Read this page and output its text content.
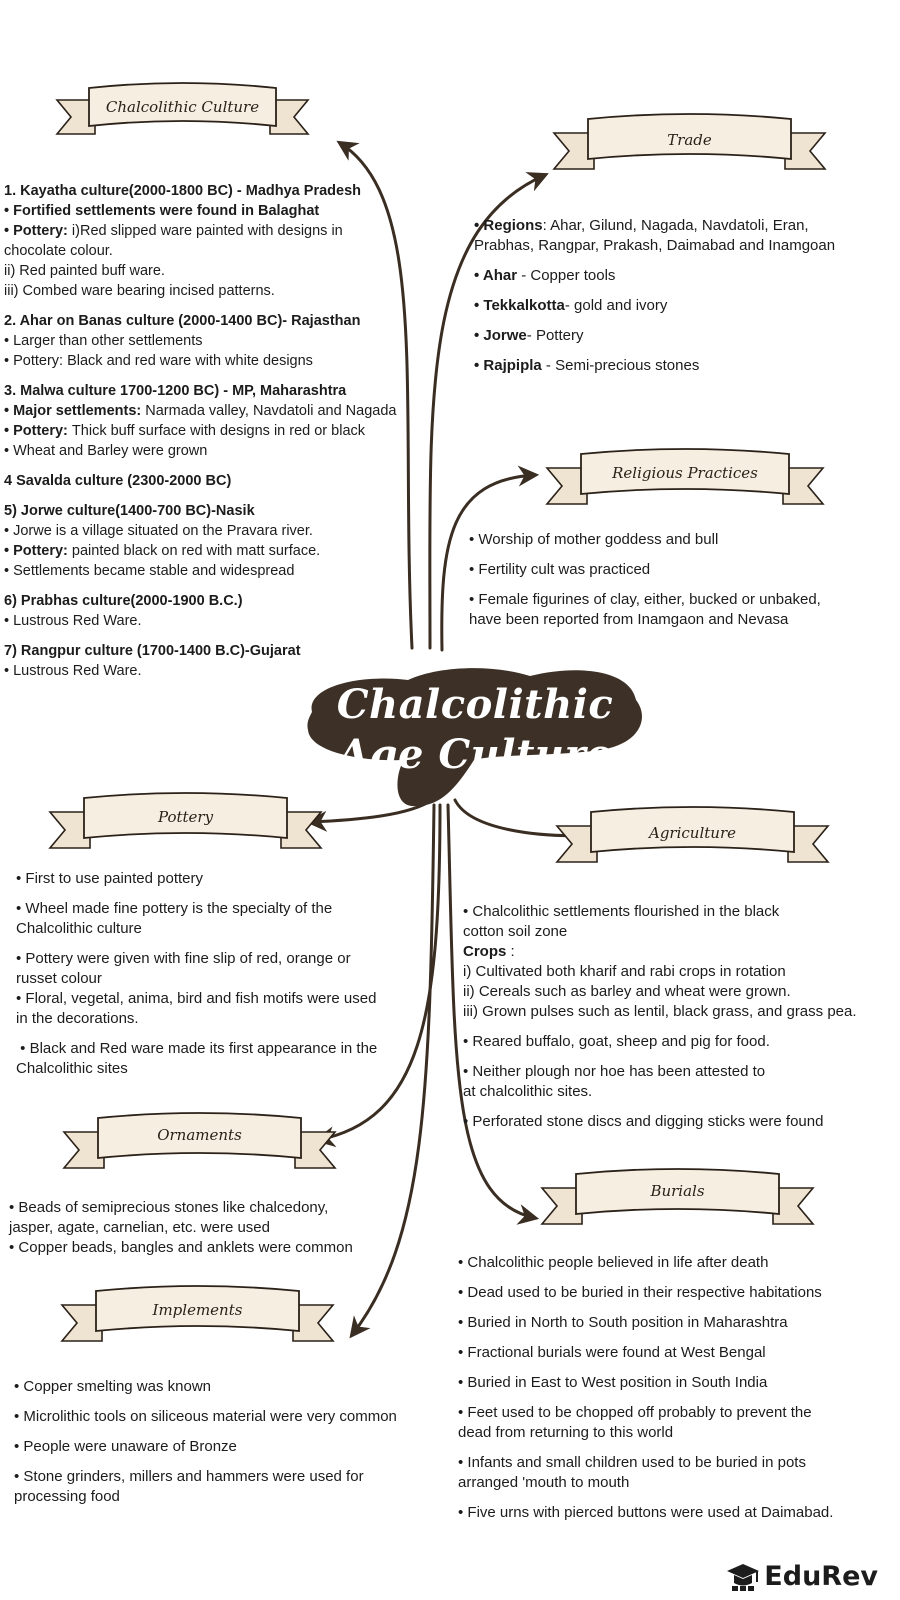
Chalcolithic Age Culture
Chalcolithic Culture
Trade
Religious Practices
Pottery
Agriculture
Ornaments
Burials
Implements
1. Kayatha culture(2000-1800 BC) - Madhya Pradesh
• Fortified settlements were found in Balaghat
• Pottery: i)Red slipped ware painted with designs in
chocolate colour.
ii) Red painted buff ware.
iii) Combed ware bearing incised patterns.
2. Ahar on Banas culture (2000-1400 BC)- Rajasthan
• Larger than other settlements
• Pottery: Black and red ware with white designs
3. Malwa culture 1700-1200 BC) - MP, Maharashtra
• Major settlements: Narmada valley, Navdatoli and Nagada
• Pottery: Thick buff surface with designs in red or black
• Wheat and Barley were grown
4 Savalda culture (2300-2000 BC)
5) Jorwe culture(1400-700 BC)-Nasik
• Jorwe is a village situated on the Pravara river.
• Pottery: painted black on red with matt surface.
• Settlements became stable and widespread
6) Prabhas culture(2000-1900 B.C.)
• Lustrous Red Ware.
7) Rangpur culture (1700-1400 B.C)-Gujarat
• Lustrous Red Ware.
• Regions: Ahar, Gilund, Nagada, Navdatoli, Eran,
Prabhas, Rangpar, Prakash, Daimabad and Inamgoan
• Ahar - Copper tools
• Tekkalkotta- gold and ivory
• Jorwe- Pottery
• Rajpipla - Semi-precious stones
• Worship of mother goddess and bull
• Fertility cult was practiced
• Female figurines of clay, either, bucked or unbaked,
have been reported from Inamgaon and Nevasa
• First to use painted pottery
• Wheel made fine pottery is the specialty of the
Chalcolithic culture
• Pottery were given with fine slip of red, orange or
russet colour
• Floral, vegetal, anima, bird and fish motifs were used
in the decorations.
• Black and Red ware made its first appearance in the
Chalcolithic sites
• Chalcolithic settlements flourished in the black
cotton soil zone
Crops :
i) Cultivated both kharif and rabi crops in rotation
ii) Cereals such as barley and wheat were grown.
iii) Grown pulses such as lentil, black grass, and grass pea.
• Reared buffalo, goat, sheep and pig for food.
• Neither plough nor hoe has been attested to
at chalcolithic sites.
• Perforated stone discs and digging sticks were found
• Beads of semiprecious stones like chalcedony,
jasper, agate, carnelian, etc. were used
• Copper beads, bangles and anklets were common
• Chalcolithic people believed in life after death
• Dead used to be buried in their respective habitations
• Buried in North to South position in Maharashtra
• Fractional burials were found at West Bengal
• Buried in East to West position in South India
• Feet used to be chopped off probably to prevent the
dead from returning to this world
• Infants and small children used to be buried in pots
arranged 'mouth to mouth
• Five urns with pierced buttons were used at Daimabad.
• Copper smelting was known
• Microlithic tools on siliceous material were very common
• People were unaware of Bronze
• Stone grinders, millers and hammers were used for
processing food
EduRev
